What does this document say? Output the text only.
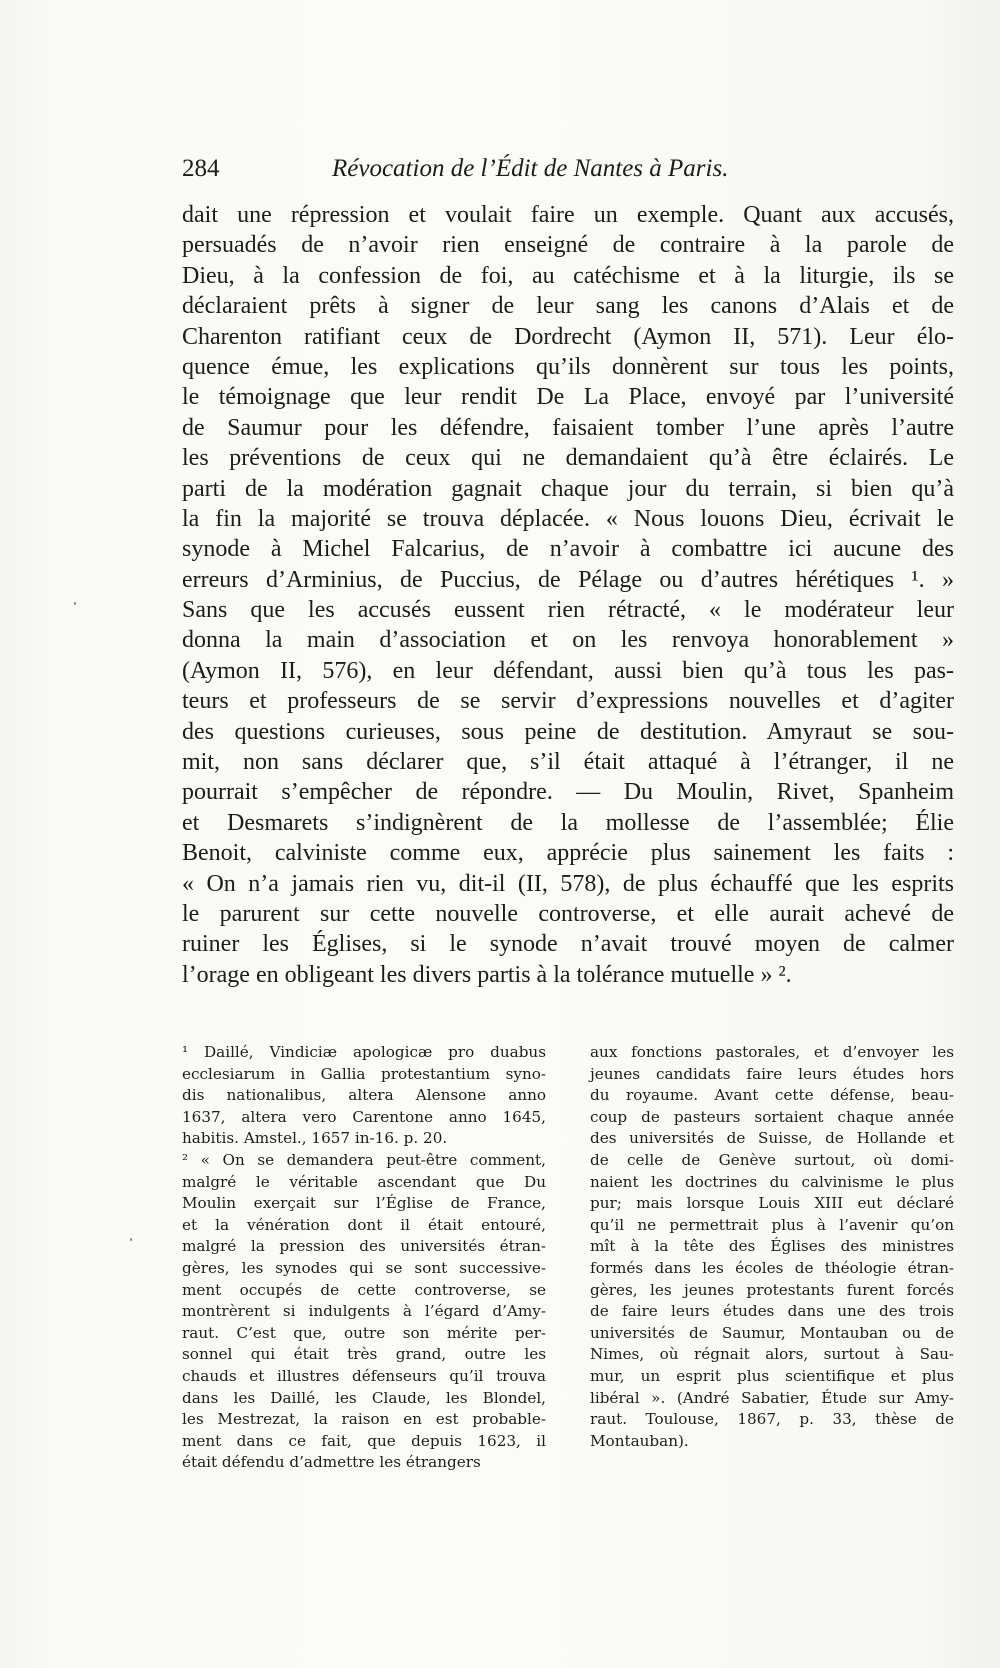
284	Révocation de l’Édit de Nantes à Paris.
dait une répression et voulait faire un exemple. Quant aux accusés,
persuadés de n’avoir rien enseigné de contraire à la parole de
Dieu, à la confession de foi, au catéchisme et à la liturgie, ils se
déclaraient prêts à signer de leur sang les canons d’Alais et de
Charenton ratifiant ceux de Dordrecht (Aymon II, 571). Leur élo-
quence émue, les explications qu’ils donnèrent sur tous les points,
le témoignage que leur rendit De La Place, envoyé par l’université
de Saumur pour les défendre, faisaient tomber l’une après l’autre
les préventions de ceux qui ne demandaient qu’à être éclairés. Le
parti de la modération gagnait chaque jour du terrain, si bien qu’à
la fin la majorité se trouva déplacée. « Nous louons Dieu, écrivait le
synode à Michel Falcarius, de n’avoir à combattre ici aucune des
erreurs d’Arminius, de Puccius, de Pélage ou d’autres hérétiques ¹. »
Sans que les accusés eussent rien rétracté, « le modérateur leur
donna la main d’association et on les renvoya honorablement »
(Aymon II, 576), en leur défendant, aussi bien qu’à tous les pas-
teurs et professeurs de se servir d’expressions nouvelles et d’agiter
des questions curieuses, sous peine de destitution. Amyraut se sou-
mit, non sans déclarer que, s’il était attaqué à l’étranger, il ne
pourrait s’empêcher de répondre. — Du Moulin, Rivet, Spanheim
et Desmarets s’indignèrent de la mollesse de l’assemblée; Élie
Benoit, calviniste comme eux, apprécie plus sainement les faits :
« On n’a jamais rien vu, dit-il (II, 578), de plus échauffé que les esprits
le parurent sur cette nouvelle controverse, et elle aurait achevé de
ruiner les Églises, si le synode n’avait trouvé moyen de calmer
l’orage en obligeant les divers partis à la tolérance mutuelle » ².
¹ Daillé, Vindiciæ apologicæ pro duabus
ecclesiarum in Gallia protestantium syno-
dis nationalibus, altera Alensone anno
1637, altera vero Carentone anno 1645,
habitis. Amstel., 1657 in-16. p. 20.
² « On se demandera peut-être comment,
malgré le véritable ascendant que Du
Moulin exerçait sur l’Église de France,
et la vénération dont il était entouré,
malgré la pression des universités étran-
gères, les synodes qui se sont successive-
ment occupés de cette controverse, se
montrèrent si indulgents à l’égard d’Amy-
raut. C’est que, outre son mérite per-
sonnel qui était très grand, outre les
chauds et illustres défenseurs qu’il trouva
dans les Daillé, les Claude, les Blondel,
les Mestrezat, la raison en est probable-
ment dans ce fait, que depuis 1623, il
était défendu d’admettre les étrangers
aux fonctions pastorales, et d’envoyer les
jeunes candidats faire leurs études hors
du royaume. Avant cette défense, beau-
coup de pasteurs sortaient chaque année
des universités de Suisse, de Hollande et
de celle de Genève surtout, où domi-
naient les doctrines du calvinisme le plus
pur; mais lorsque Louis XIII eut déclaré
qu’il ne permettrait plus à l’avenir qu’on
mît à la tête des Églises des ministres
formés dans les écoles de théologie étran-
gères, les jeunes protestants furent forcés
de faire leurs études dans une des trois
universités de Saumur, Montauban ou de
Nimes, où régnait alors, surtout à Sau-
mur, un esprit plus scientifique et plus
libéral ». (André Sabatier, Étude sur Amy-
raut. Toulouse, 1867, p. 33, thèse de
Montauban).
